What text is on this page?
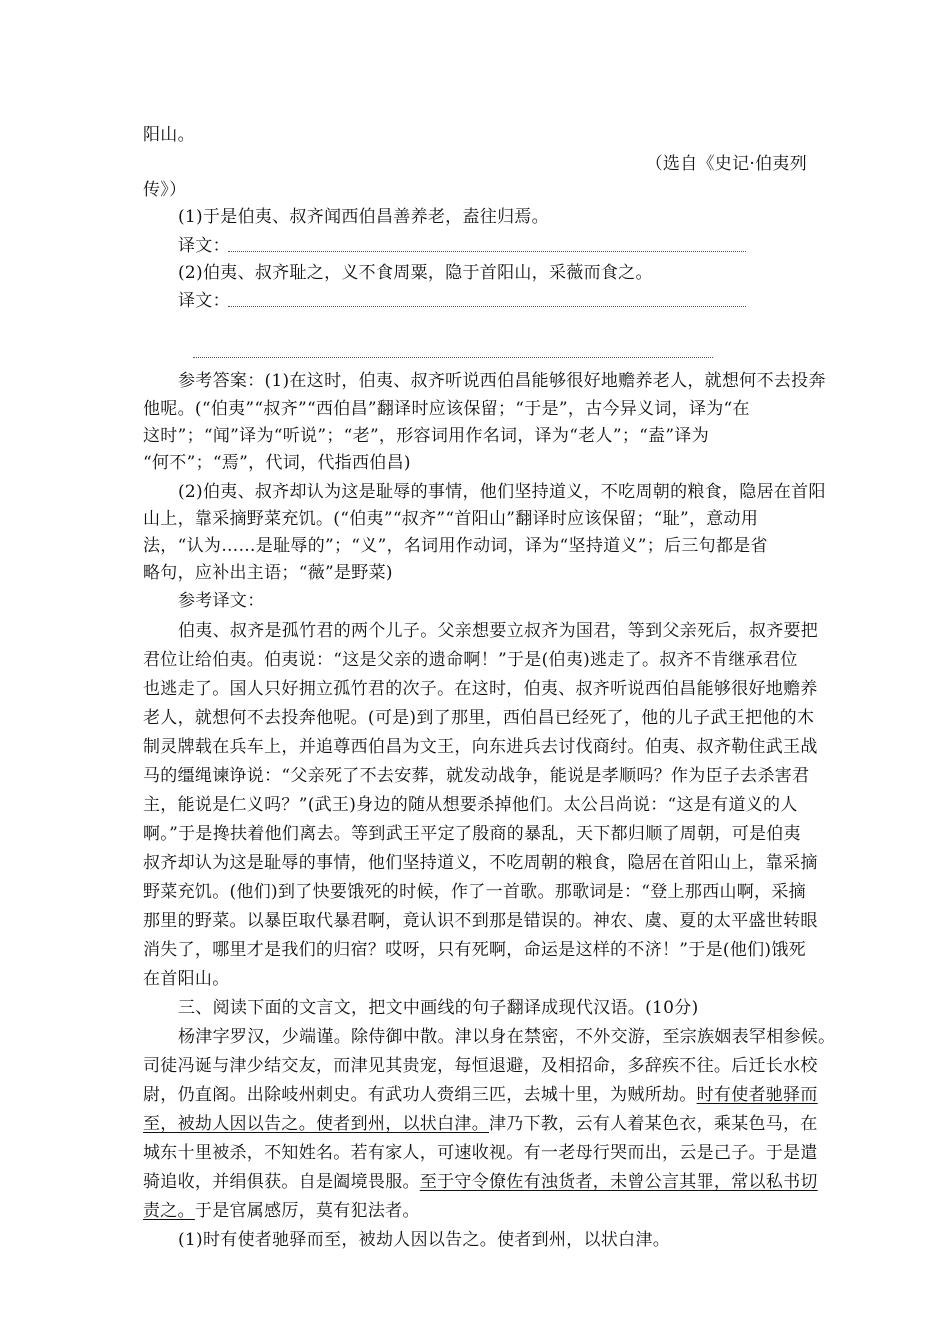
阳山。
（选自《史记·伯夷列
传》）
(1)于是伯夷、叔齐闻西伯昌善养老，盍往归焉。
译文：
(2)伯夷、叔齐耻之，义不食周粟，隐于首阳山，采薇而食之。
译文：
参考答案：(1)在这时，伯夷、叔齐听说西伯昌能够很好地赡养老人，就想何不去投奔
他呢。(“伯夷”“叔齐”“西伯昌”翻译时应该保留；“于是”，古今异义词，译为“在
这时”；“闻”译为“听说”；“老”，形容词用作名词，译为“老人”；“盍”译为
“何不”；“焉”，代词，代指西伯昌)
(2)伯夷、叔齐却认为这是耻辱的事情，他们坚持道义，不吃周朝的粮食，隐居在首阳
山上，靠采摘野菜充饥。(“伯夷”“叔齐”“首阳山”翻译时应该保留；“耻”，意动用
法，“认为……是耻辱的”；“义”，名词用作动词，译为“坚持道义”；后三句都是省
略句，应补出主语；“薇”是野菜)
参考译文：
伯夷、叔齐是孤竹君的两个儿子。父亲想要立叔齐为国君，等到父亲死后，叔齐要把
君位让给伯夷。伯夷说：“这是父亲的遗命啊！”于是(伯夷)逃走了。叔齐不肯继承君位
也逃走了。国人只好拥立孤竹君的次子。在这时，伯夷、叔齐听说西伯昌能够很好地赡养
老人，就想何不去投奔他呢。(可是)到了那里，西伯昌已经死了，他的儿子武王把他的木
制灵牌载在兵车上，并追尊西伯昌为文王，向东进兵去讨伐商纣。伯夷、叔齐勒住武王战
马的缰绳谏诤说：“父亲死了不去安葬，就发动战争，能说是孝顺吗？作为臣子去杀害君
主，能说是仁义吗？”(武王)身边的随从想要杀掉他们。太公吕尚说：“这是有道义的人
啊。”于是搀扶着他们离去。等到武王平定了殷商的暴乱，天下都归顺了周朝，可是伯夷
叔齐却认为这是耻辱的事情，他们坚持道义，不吃周朝的粮食，隐居在首阳山上，靠采摘
野菜充饥。(他们)到了快要饿死的时候，作了一首歌。那歌词是：“登上那西山啊，采摘
那里的野菜。以暴臣取代暴君啊，竟认识不到那是错误的。神农、虞、夏的太平盛世转眼
消失了，哪里才是我们的归宿？哎呀，只有死啊，命运是这样的不济！”于是(他们)饿死
在首阳山。
三、阅读下面的文言文，把文中画线的句子翻译成现代汉语。(10分)
杨津字罗汉，少端谨。除侍御中散。津以身在禁密，不外交游，至宗族姻表罕相参候。
司徒冯诞与津少结交友，而津见其贵宠，每恒退避，及相招命，多辞疾不往。后迁长水校
尉，仍直阁。出除岐州刺史。有武功人赍绢三匹，去城十里，为贼所劫。时有使者驰驿而
至，被劫人因以告之。使者到州，以状白津。津乃下教，云有人着某色衣，乘某色马，在
城东十里被杀，不知姓名。若有家人，可速收视。有一老母行哭而出，云是己子。于是遣
骑追收，并绢俱获。自是阖境畏服。至于守令僚佐有浊货者，未曾公言其罪，常以私书切
责之。于是官属感厉，莫有犯法者。
(1)时有使者驰驿而至，被劫人因以告之。使者到州，以状白津。
